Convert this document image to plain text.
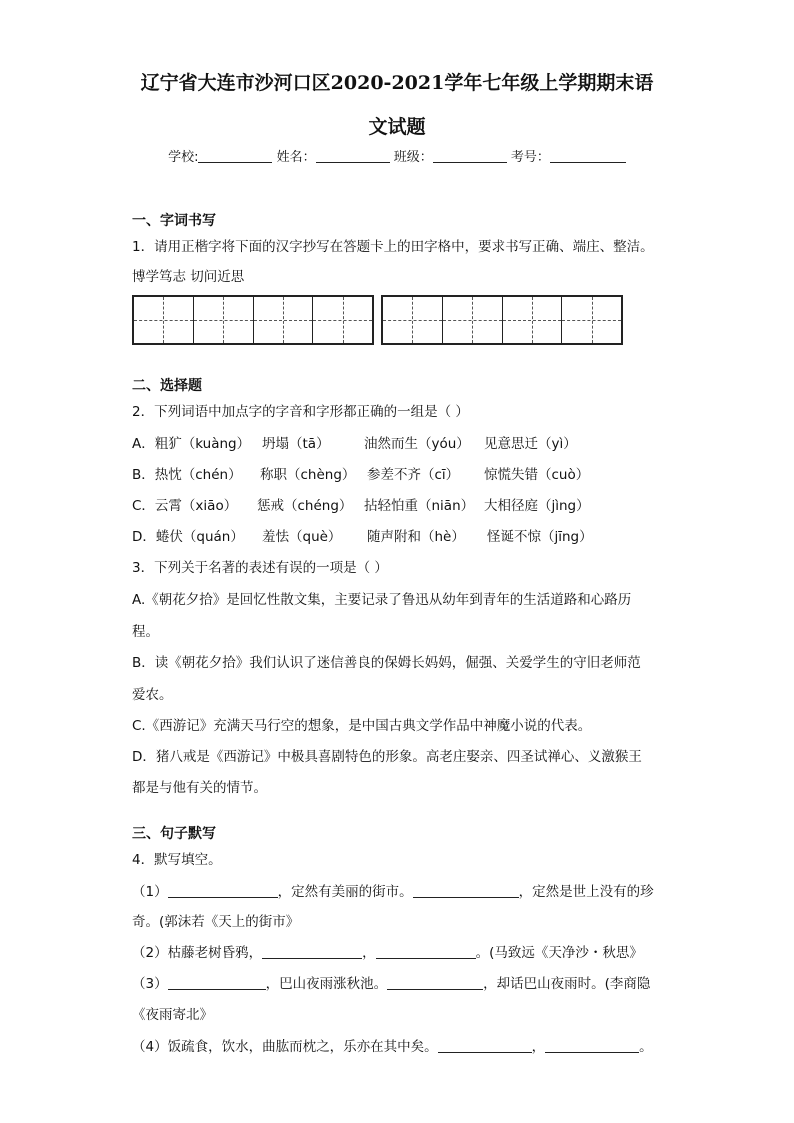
辽宁省大连市沙河口区2020-2021学年七年级上学期期末语
文试题
学校:	姓名：	班级：	考号：
一、字词书写
1．请用正楷字将下面的汉字抄写在答题卡上的田字格中，要求书写正确、端庄、整洁。
博学笃志 切问近思
二、选择题
2．下列词语中加点字的字音和字形都正确的一组是（ ）
A．粗犷（kuàng） 坍塌（tā）	油然而生（yóu） 见意思迁（yì）
B．热忱（chén） 称职（chèng） 参差不齐（cī） 惊慌失错（cuò）
C．云霄（xiāo） 惩戒（chéng） 拈轻怕重（niān） 大相径庭（jìng）
D．蜷伏（quán） 羞怯（què） 随声附和（hè） 怪诞不惊（jīng）
3．下列关于名著的表述有误的一项是（ ）
A.《朝花夕拾》是回忆性散文集，主要记录了鲁迅从幼年到青年的生活道路和心路历
程。
B．读《朝花夕拾》我们认识了迷信善良的保姆长妈妈，倔强、关爱学生的守旧老师范
爱农。
C.《西游记》充满天马行空的想象，是中国古典文学作品中神魔小说的代表。
D．猪八戒是《西游记》中极具喜剧特色的形象。高老庄娶亲、四圣试禅心、义激猴王
都是与他有关的情节。
三、句子默写
4．默写填空。
（1）	，定然有美丽的街市。	，定然是世上没有的珍
奇。(郭沫若《天上的街市》
（2）枯藤老树昏鸦，	，	。(马致远《天净沙・秋思》
（3）	，巴山夜雨涨秋池。	，却话巴山夜雨时。(李商隐
《夜雨寄北》
（4）饭疏食，饮水，曲肱而枕之，乐亦在其中矣。	，	。
